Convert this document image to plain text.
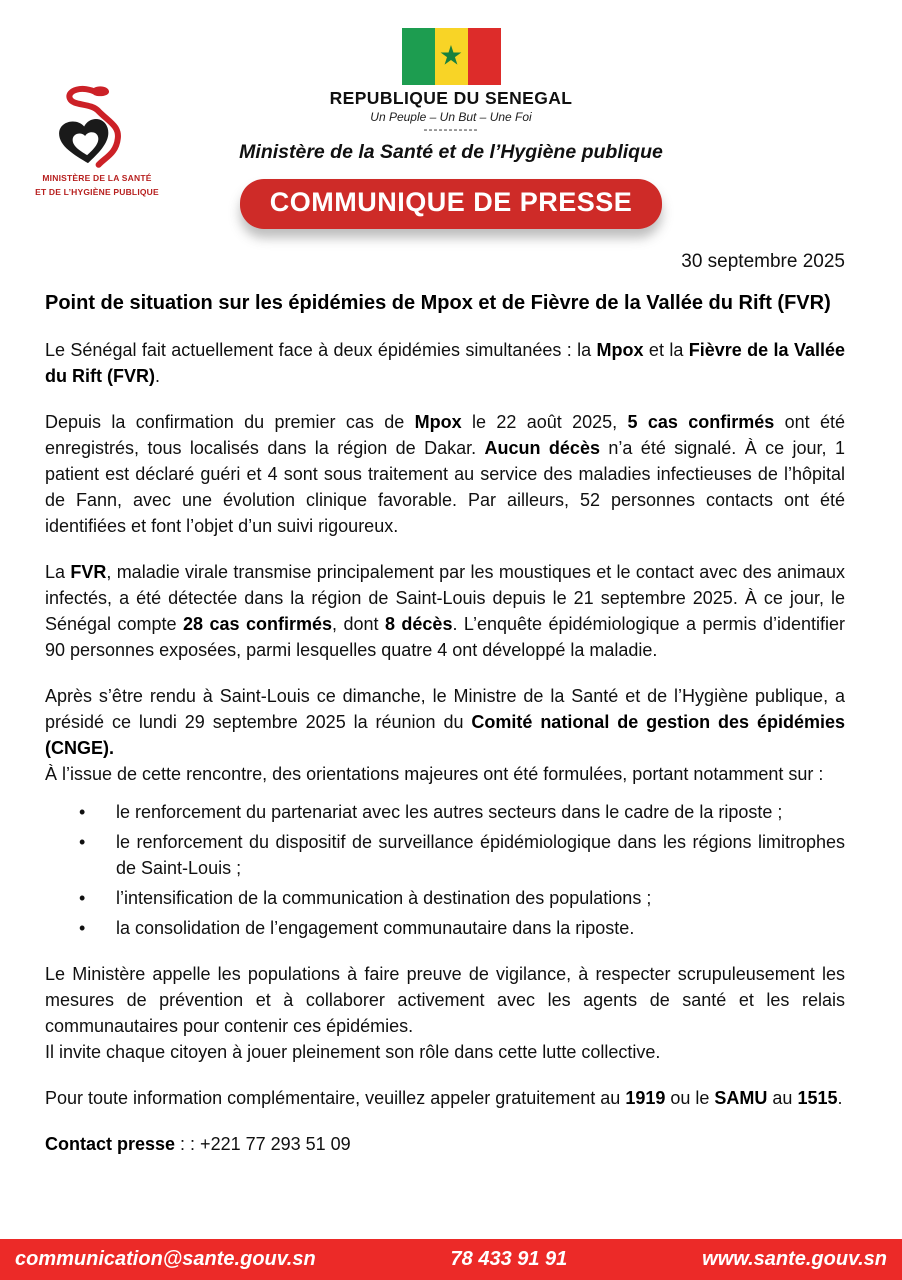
MINISTÈRE DE LA SANTÉ
ET DE L’HYGIÈNE PUBLIQUE
★
REPUBLIQUE DU SENEGAL
Un Peuple – Un But – Une Foi
-----------
Ministère de la Santé et de l’Hygiène publique
COMMUNIQUE DE PRESSE
30 septembre 2025
Point de situation sur les épidémies de Mpox et de Fièvre de la Vallée du Rift (FVR)

Le Sénégal fait actuellement face à deux épidémies simultanées : la Mpox et la Fièvre de la Vallée du Rift (FVR).

Depuis la confirmation du premier cas de Mpox le 22 août 2025, 5 cas confirmés ont été enregistrés, tous localisés dans la région de Dakar. Aucun décès n’a été signalé. À ce jour, 1 patient est déclaré guéri et 4 sont sous traitement au service des maladies infectieuses de l’hôpital de Fann, avec une évolution clinique favorable. Par ailleurs, 52 personnes contacts ont été identifiées et font l’objet d’un suivi rigoureux.

La FVR, maladie virale transmise principalement par les moustiques et le contact avec des animaux infectés, a été détectée dans la région de Saint-Louis depuis le 21 septembre 2025. À ce jour, le Sénégal compte 28 cas confirmés, dont 8 décès. L’enquête épidémiologique a permis d’identifier 90 personnes exposées, parmi lesquelles quatre 4 ont développé la maladie.

Après s’être rendu à Saint-Louis ce dimanche, le Ministre de la Santé et de l’Hygiène publique, a présidé ce lundi 29 septembre 2025 la réunion du Comité national de gestion des épidémies (CNGE).
À l’issue de cette rencontre, des orientations majeures ont été formulées, portant notamment sur :

• le renforcement du partenariat avec les autres secteurs dans le cadre de la riposte ;
• le renforcement du dispositif de surveillance épidémiologique dans les régions limitrophes de Saint-Louis ;
• l’intensification de la communication à destination des populations ;
• la consolidation de l’engagement communautaire dans la riposte.

Le Ministère appelle les populations à faire preuve de vigilance, à respecter scrupuleusement les mesures de prévention et à collaborer activement avec les agents de santé et les relais communautaires pour contenir ces épidémies.
Il invite chaque citoyen à jouer pleinement son rôle dans cette lutte collective.

Pour toute information complémentaire, veuillez appeler gratuitement au 1919 ou le SAMU au 1515.

Contact presse : : +221 77 293 51 09

communication@sante.gouv.sn	78 433 91 91	www.sante.gouv.sn
